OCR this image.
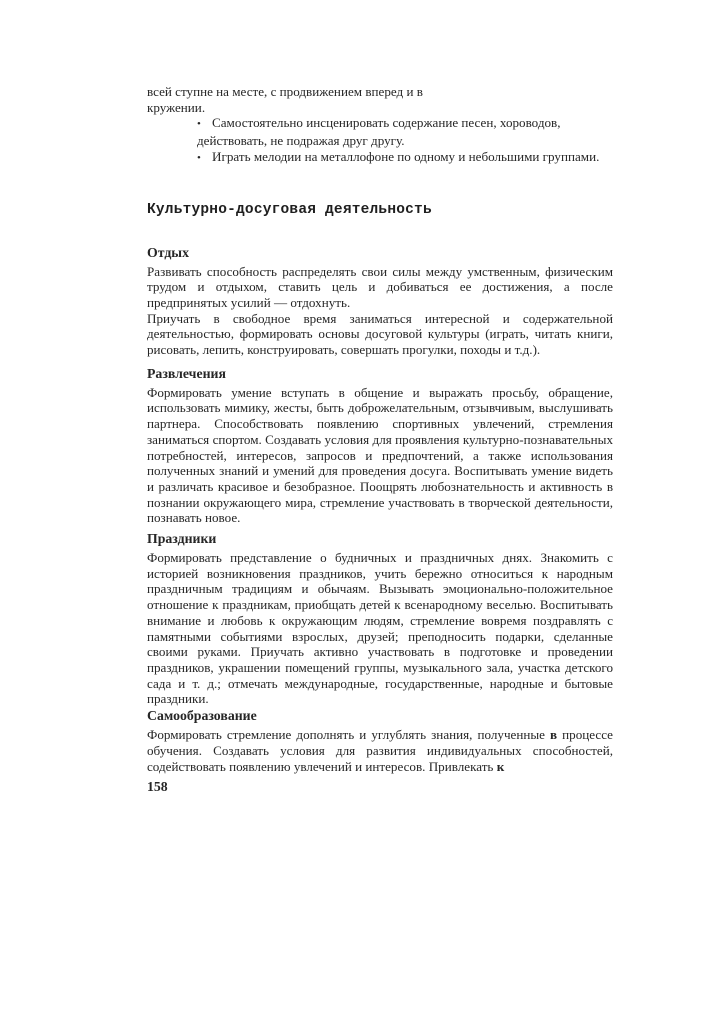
всей ступне на месте, с продвижением вперед и в
кружении.
• Самостоятельно инсценировать содержание песен, хороводов, действовать, не подражая друг другу.
• Играть мелодии на металлофоне по одному и небольшими группами.
Культурно-досуговая деятельность
Отдых
Развивать способность распределять свои силы между умственным, физическим трудом и отдыхом, ставить цель и добиваться ее достижения, а после предпринятых усилий — отдохнуть.
Приучать в свободное время заниматься интересной и содержательной деятельностью, формировать основы досуговой культуры (играть, читать книги, рисовать, лепить, конструировать, совершать прогулки, походы и т.д.).
Развлечения
Формировать умение вступать в общение и выражать просьбу, обращение, использовать мимику, жесты, быть доброжелательным, отзывчивым, выслушивать партнера. Способствовать появлению спортивных увлечений, стремления заниматься спортом. Создавать условия для проявления культурно-познавательных потребностей, интересов, запросов и предпочтений, а также использования полученных знаний и умений для проведения досуга. Воспитывать умение видеть и различать красивое и безобразное. Поощрять любознательность и активность в познании окружающего мира, стремление участвовать в творческой деятельности, познавать новое.
Праздники
Формировать представление о будничных и праздничных днях. Знакомить с историей возникновения праздников, учить бережно относиться к народным праздничным традициям и обычаям. Вызывать эмоционально-положительное отношение к праздникам, приобщать детей к всенародному веселью. Воспитывать внимание и любовь к окружающим людям, стремление вовремя поздравлять с памятными событиями взрослых, друзей; преподносить подарки, сделанные своими руками. Приучать активно участвовать в подготовке и проведении праздников, украшении помещений группы, музыкального зала, участка детского сада и т. д.; отмечать международные, государственные, народные и бытовые праздники.
Самообразование
Формировать стремление дополнять и углублять знания, полученные в процессе обучения. Создавать условия для развития индивидуальных способностей, содействовать появлению увлечений и интересов. Привлекать к
158
